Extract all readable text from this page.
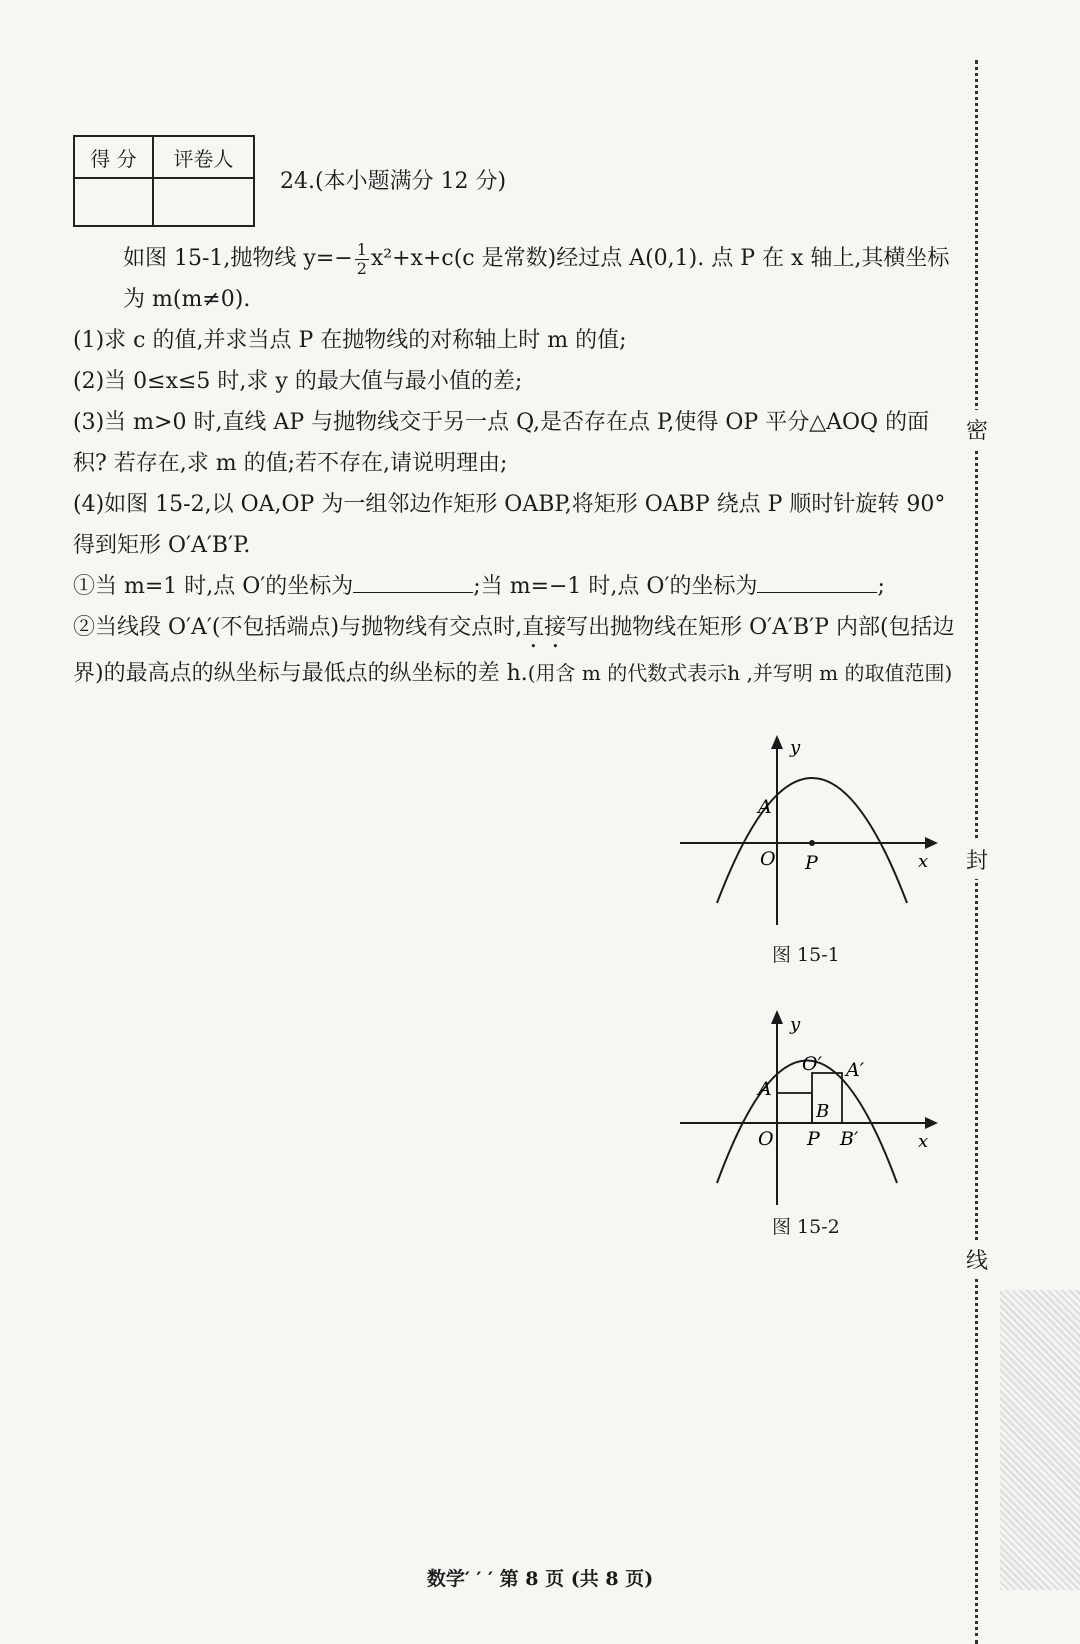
得 分	评卷人

24.(本小题满分 12 分)

如图 15-1,抛物线 $y=- \frac{1}{2} x^2+x+c(c$ 是常数)经过点 A(0,1). 点 P 在 x 轴上,其横坐标为 m(m≠0).

(1)求 c 的值,并求当点 P 在抛物线的对称轴上时 m 的值;

(2)当 0≤x≤5 时,求 y 的最大值与最小值的差;

(3)当 m>0 时,直线 AP 与抛物线交于另一点 Q,是否存在点 P,使得 OP 平分△AOQ 的面积? 若存在,求 m 的值;若不存在,请说明理由;

(4)如图 15-2,以 OA,OP 为一组邻边作矩形 OABP,将矩形 OABP 绕点 P 顺时针旋转 90°得到矩形 O′A′B′P.

①当 m=1 时,点 O′的坐标为	;当 m=−1 时,点 O′的坐标为	;

②当线段 O′A′(不包括端点)与抛物线有交点时,直接写出抛物线在矩形 O′A′B′P 内部(包括边界)的最高点的纵坐标与最低点的纵坐标的差 h.(用含 m 的代数式表示h ,并写明 m 的取值范围)

y
x
O
A
P
图 15-1
y
x
O
A
P
B
O′ A′
B′
图 15-2
密
封
线
数学′ ′ ′ 第 8 页 (共 8 页)
